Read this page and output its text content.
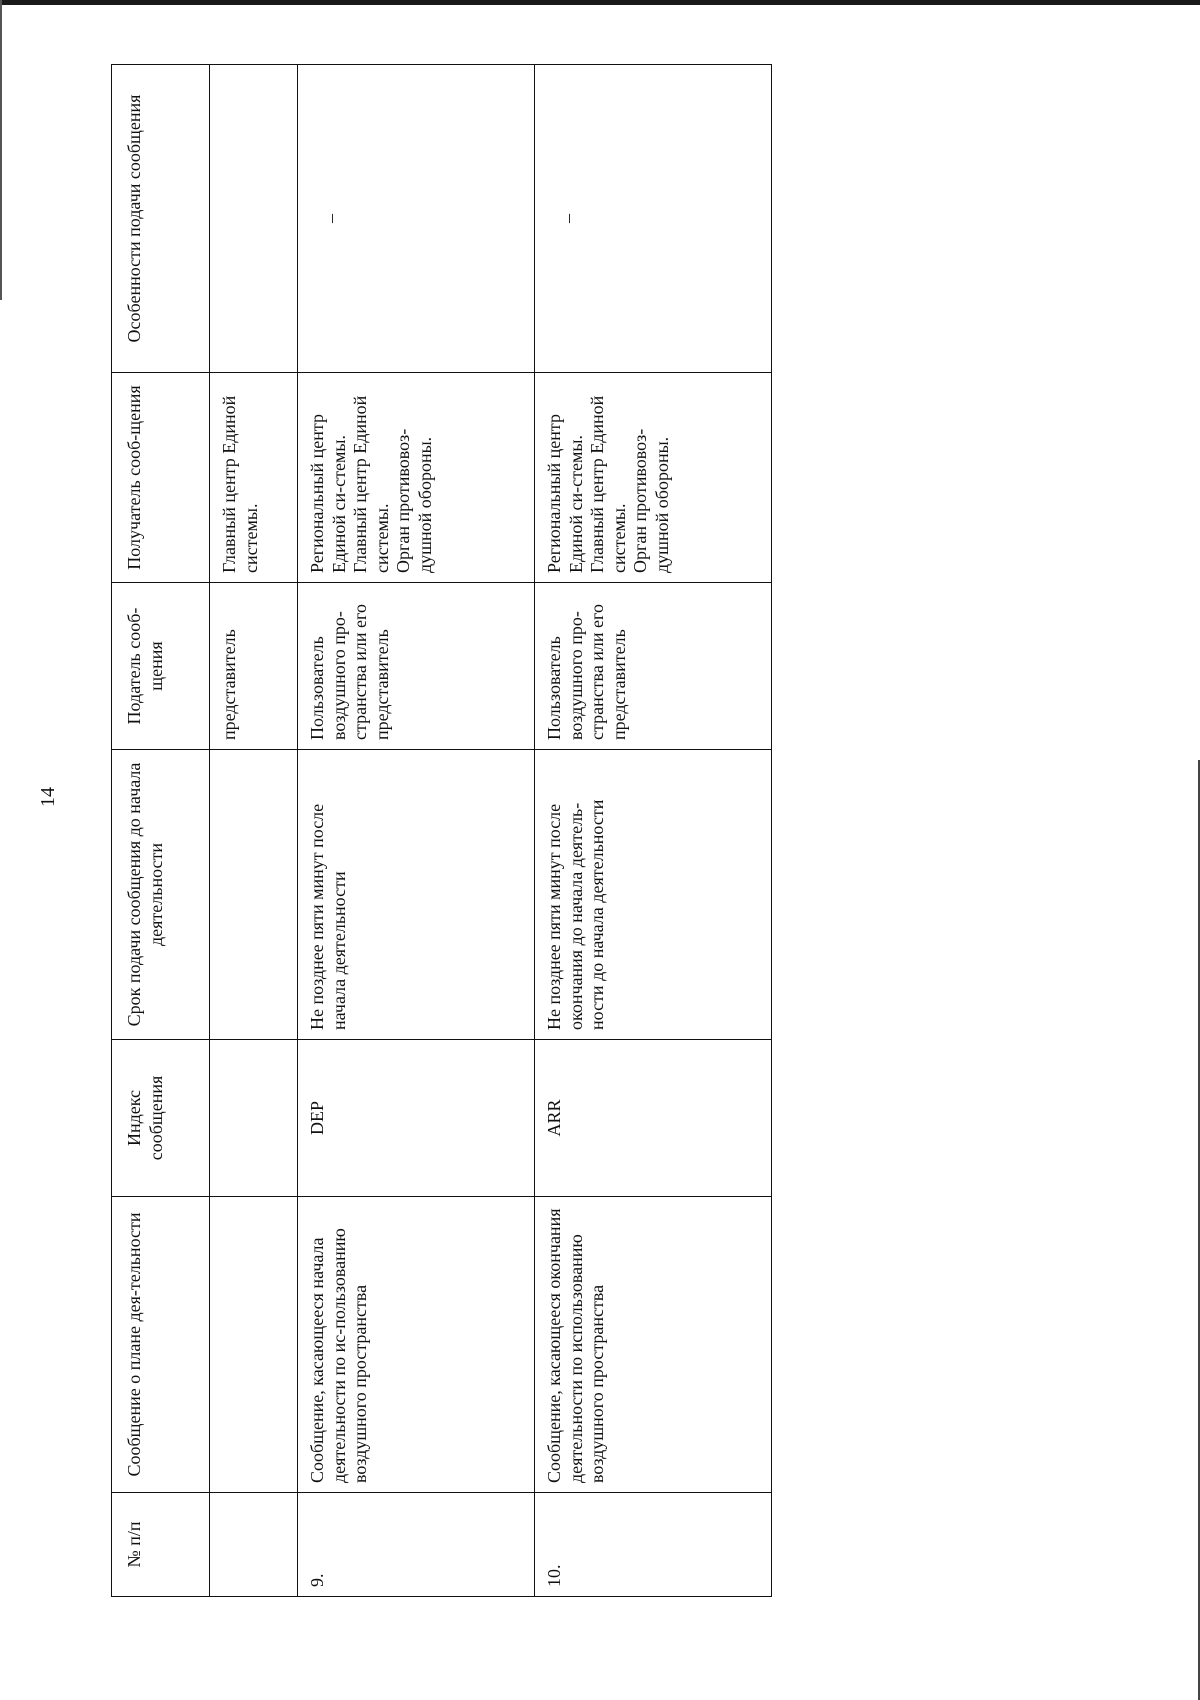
14
№ п/п	Сообщение о плане дея-тельности	Индекс сообщения	Срок подачи сообщения до начала деятельности	Податель сооб-щения	Получатель сооб-щения	Особенности подачи сообщения
				представитель	Главный центр Единой системы.	
9.	Сообщение, касающееся начала деятельности по ис-пользованию воздушного пространства	DEP	Не позднее пяти минут после начала деятельности	Пользователь воздушного про-странства или его представитель	Региональный центр Единой си-стемы. Главный центр Единой системы. Орган противовоз-душной обороны.	–

10.	Сообщение, касающееся окончания деятельности по использованию воздушного пространства	ARR	Не позднее пяти минут после окончания до начала деятель-ности до начала деятельности	Пользователь воздушного про-странства или его представитель	Региональный центр Единой си-стемы. Главный центр Единой системы. Орган противовоз-душной обороны.	–
